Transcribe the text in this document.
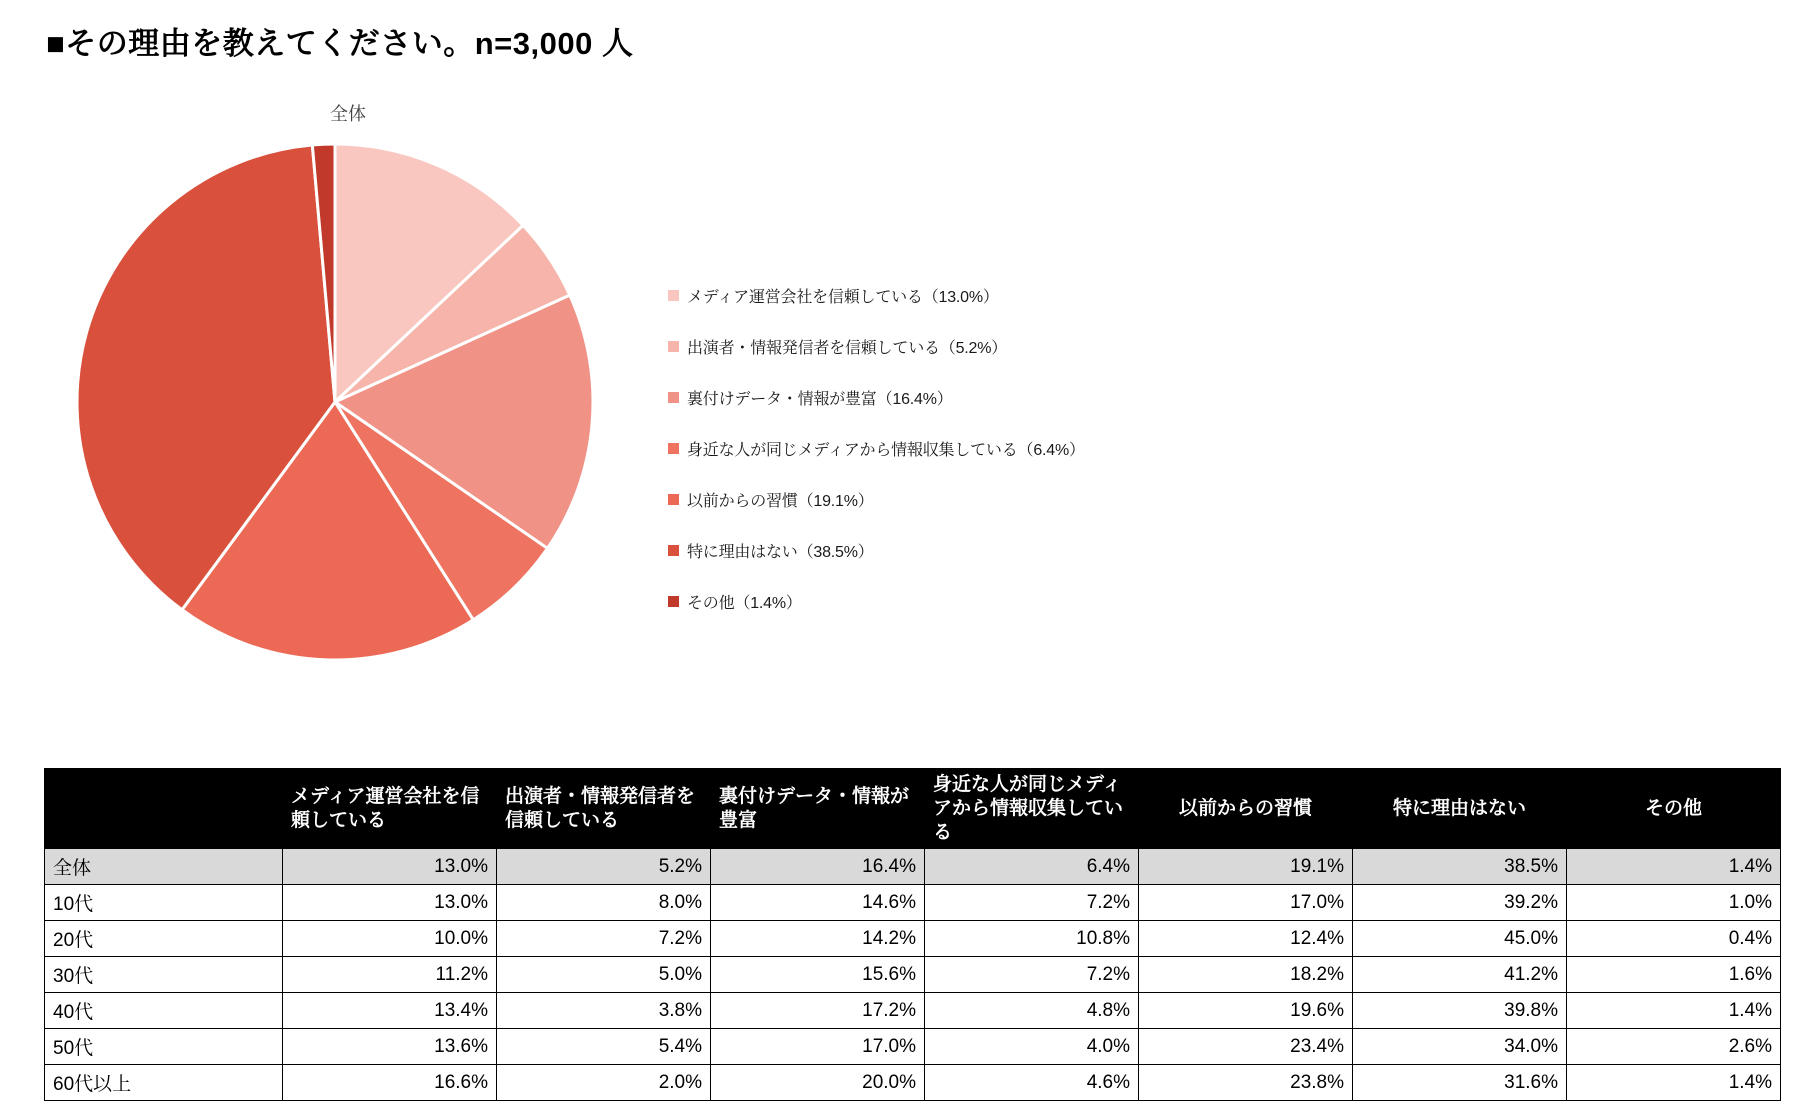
■その理由を教えてください。n=3,000 人
全体
メディア運営会社を信頼している（13.0%）
出演者・情報発信者を信頼している（5.2%）
裏付けデータ・情報が豊富（16.4%）
身近な人が同じメディアから情報収集している（6.4%）
以前からの習慣（19.1%）
特に理由はない（38.5%）
その他（1.4%）
	メディア運営会社を信頼している	出演者・情報発信者を信頼している	裏付けデータ・情報が豊富	身近な人が同じメディアから情報収集している	以前からの習慣	特に理由はない	その他
全体	13.0%	5.2%	16.4%	6.4%	19.1%	38.5%	1.4%
10代	13.0%	8.0%	14.6%	7.2%	17.0%	39.2%	1.0%
20代	10.0%	7.2%	14.2%	10.8%	12.4%	45.0%	0.4%
30代	11.2%	5.0%	15.6%	7.2%	18.2%	41.2%	1.6%
40代	13.4%	3.8%	17.2%	4.8%	19.6%	39.8%	1.4%
50代	13.6%	5.4%	17.0%	4.0%	23.4%	34.0%	2.6%
60代以上	16.6%	2.0%	20.0%	4.6%	23.8%	31.6%	1.4%
